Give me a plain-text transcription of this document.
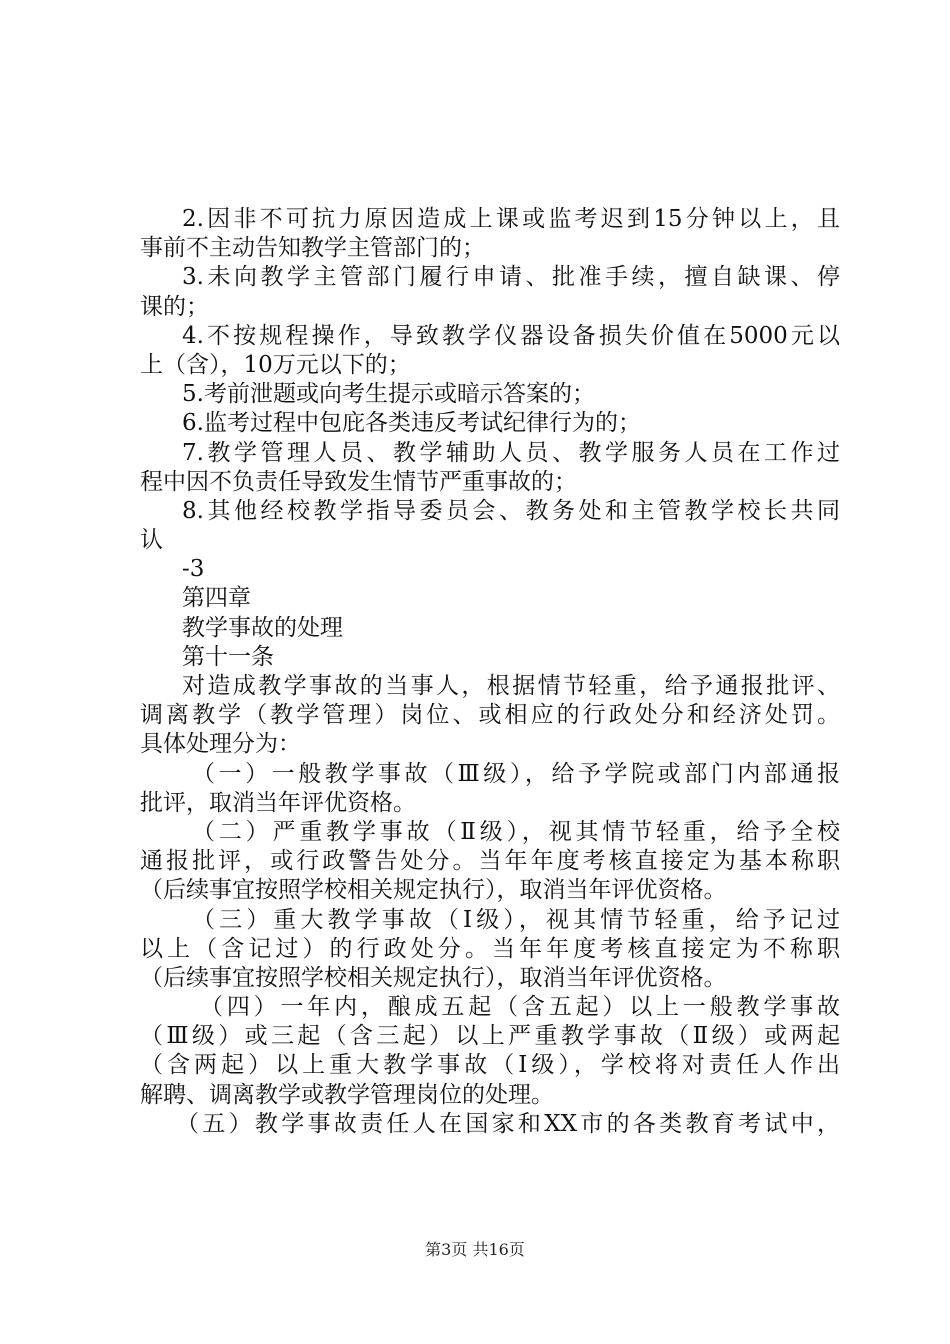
2.因非不可抗力原因造成上课或监考迟到15分钟以上，且
事前不主动告知教学主管部门的；
3.未向教学主管部门履行申请、批准手续，擅自缺课、停
课的；
4.不按规程操作，导致教学仪器设备损失价值在5000元以
上（含），10万元以下的；
5.考前泄题或向考生提示或暗示答案的；
6.监考过程中包庇各类违反考试纪律行为的；
7.教学管理人员、教学辅助人员、教学服务人员在工作过
程中因不负责任导致发生情节严重事故的；
8.其他经校教学指导委员会、教务处和主管教学校长共同
认
-3
第四章
教学事故的处理
第十一条
对造成教学事故的当事人，根据情节轻重，给予通报批评、
调离教学（教学管理）岗位、或相应的行政处分和经济处罚。
具体处理分为：
（一）一般教学事故（Ⅲ级），给予学院或部门内部通报
批评，取消当年评优资格。
（二）严重教学事故（Ⅱ级），视其情节轻重，给予全校
通报批评，或行政警告处分。当年年度考核直接定为基本称职
（后续事宜按照学校相关规定执行），取消当年评优资格。
（三）重大教学事故（Ⅰ级），视其情节轻重，给予记过
以上（含记过）的行政处分。当年年度考核直接定为不称职
（后续事宜按照学校相关规定执行），取消当年评优资格。
（四）一年内，酿成五起（含五起）以上一般教学事故
（Ⅲ级）或三起（含三起）以上严重教学事故（Ⅱ级）或两起
（含两起）以上重大教学事故（Ⅰ级），学校将对责任人作出
解聘、调离教学或教学管理岗位的处理。
（五）教学事故责任人在国家和XX市的各类教育考试中，
第3页 共16页
